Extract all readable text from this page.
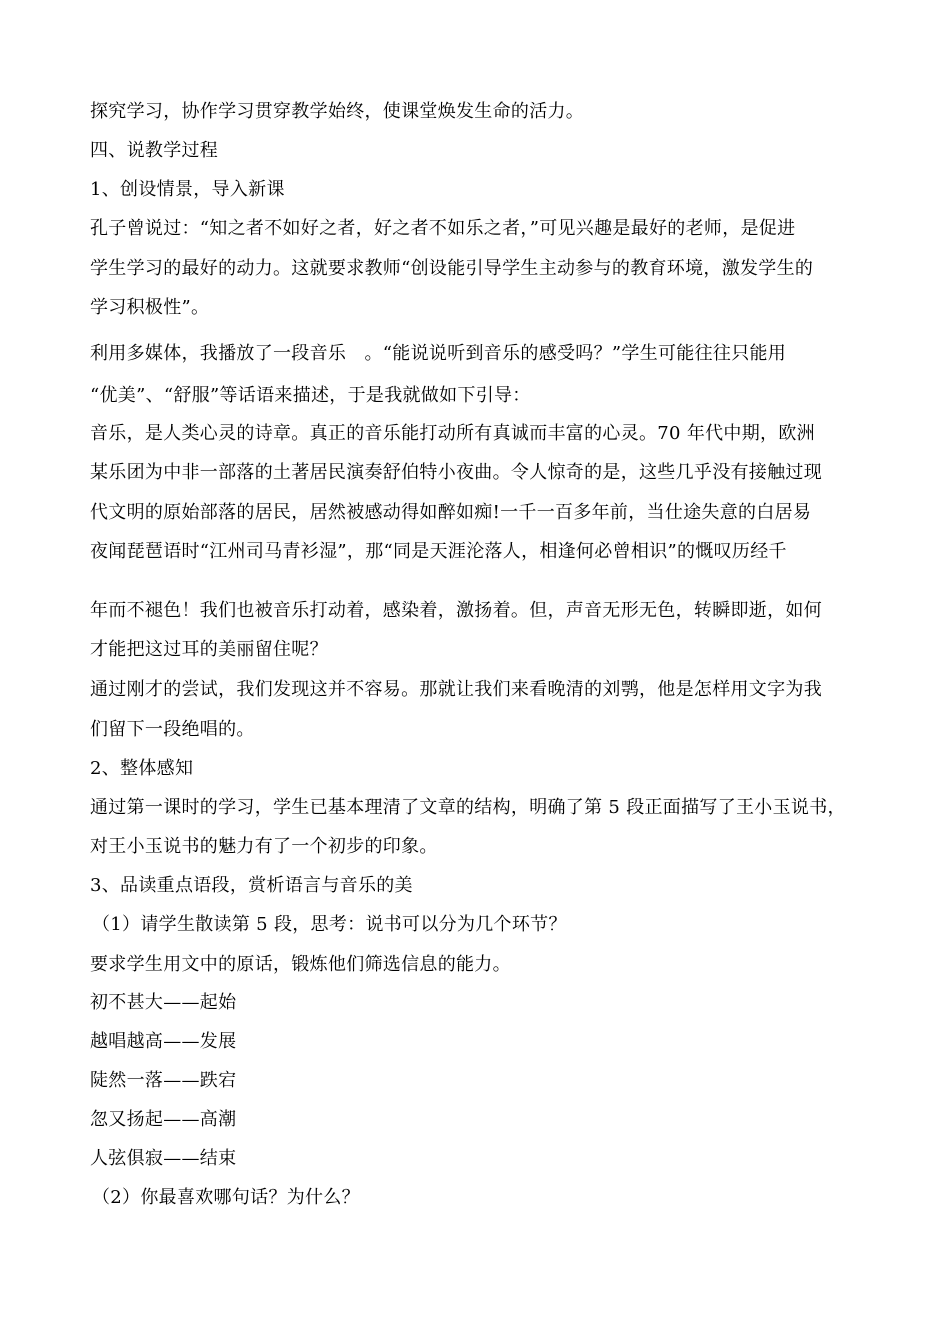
探究学习，协作学习贯穿教学始终，使课堂焕发生命的活力。
四、说教学过程
1、创设情景，导入新课
孔子曾说过：“知之者不如好之者，好之者不如乐之者，”可见兴趣是最好的老师，是促进
学生学习的最好的动力。这就要求教师“创设能引导学生主动参与的教育环境，激发学生的
学习积极性”。
利用多媒体，我播放了一段音乐　。“能说说听到音乐的感受吗？”学生可能往往只能用
“优美”、“舒服”等话语来描述，于是我就做如下引导：
音乐，是人类心灵的诗章。真正的音乐能打动所有真诚而丰富的心灵。70 年代中期，欧洲
某乐团为中非一部落的土著居民演奏舒伯特小夜曲。令人惊奇的是，这些几乎没有接触过现
代文明的原始部落的居民，居然被感动得如醉如痴!一千一百多年前，当仕途失意的白居易
夜闻琵琶语时“江州司马青衫湿”，那“同是天涯沦落人，相逢何必曾相识”的慨叹历经千
年而不褪色！我们也被音乐打动着，感染着，激扬着。但，声音无形无色，转瞬即逝，如何
才能把这过耳的美丽留住呢？
通过刚才的尝试，我们发现这并不容易。那就让我们来看晚清的刘鹗，他是怎样用文字为我
们留下一段绝唱的。
2、整体感知
通过第一课时的学习，学生已基本理清了文章的结构，明确了第 5 段正面描写了王小玉说书，
对王小玉说书的魅力有了一个初步的印象。
3、品读重点语段，赏析语言与音乐的美
（1）请学生散读第 5 段，思考：说书可以分为几个环节？
要求学生用文中的原话，锻炼他们筛选信息的能力。
初不甚大——起始
越唱越高——发展
陡然一落——跌宕
忽又扬起——高潮
人弦俱寂——结束
（2）你最喜欢哪句话？为什么？
